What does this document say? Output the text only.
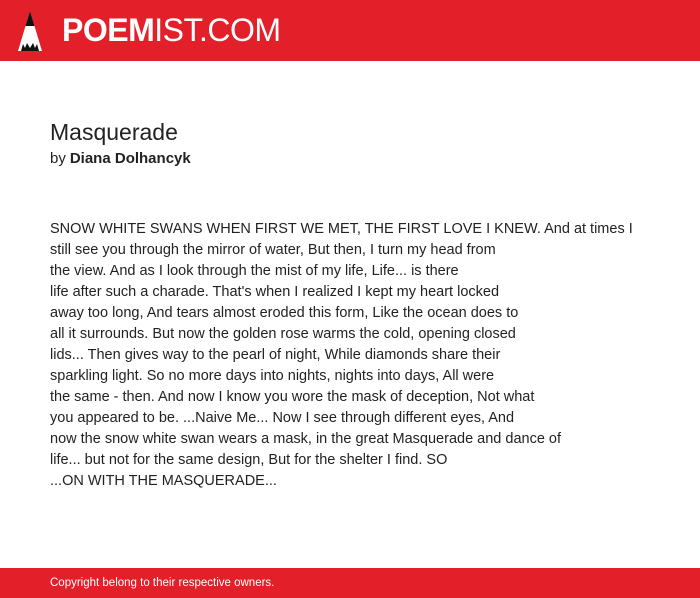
POEMIST.COM
Masquerade
by Diana Dolhancyk
SNOW WHITE SWANS WHEN FIRST WE MET, THE FIRST LOVE I KNEW. And at times I
still see you through the mirror of water, But then, I turn my head from
the view. And as I look through the mist of my life, Life... is there
life after such a charade. That's when I realized I kept my heart locked
away too long, And tears almost eroded this form, Like the ocean does to
all it surrounds. But now the golden rose warms the cold, opening closed
lids... Then gives way to the pearl of night, While diamonds share their
sparkling light. So no more days into nights, nights into days, All were
the same - then. And now I know you wore the mask of deception, Not what
you appeared to be. ...Naive Me... Now I see through different eyes, And
now the snow white swan wears a mask, in the great Masquerade and dance of
life... but not for the same design, But for the shelter I find. SO
...ON WITH THE MASQUERADE...
Copyright belong to their respective owners.
